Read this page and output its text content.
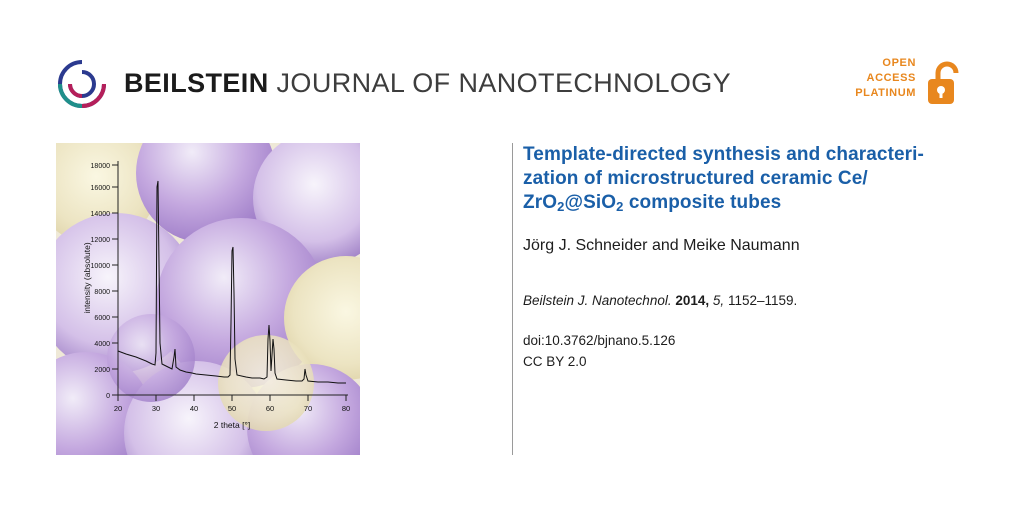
BEILSTEIN JOURNAL OF NANOTECHNOLOGY
OPEN
ACCESS
PLATINUM
0
2000
4000
6000
8000
10000
12000
14000
16000
18000
20	30	40	50	60	70	80
2 theta [°]
intensity (absolute)
Template-directed synthesis and characteri-
zation of microstructured ceramic Ce/
ZrO$_2$@SiO$_2$ composite tubes
Jörg J. Schneider and Meike Naumann
Beilstein J. Nanotechnol. 2014, 5, 1152–1159.
doi:10.3762/bjnano.5.126
CC BY 2.0
